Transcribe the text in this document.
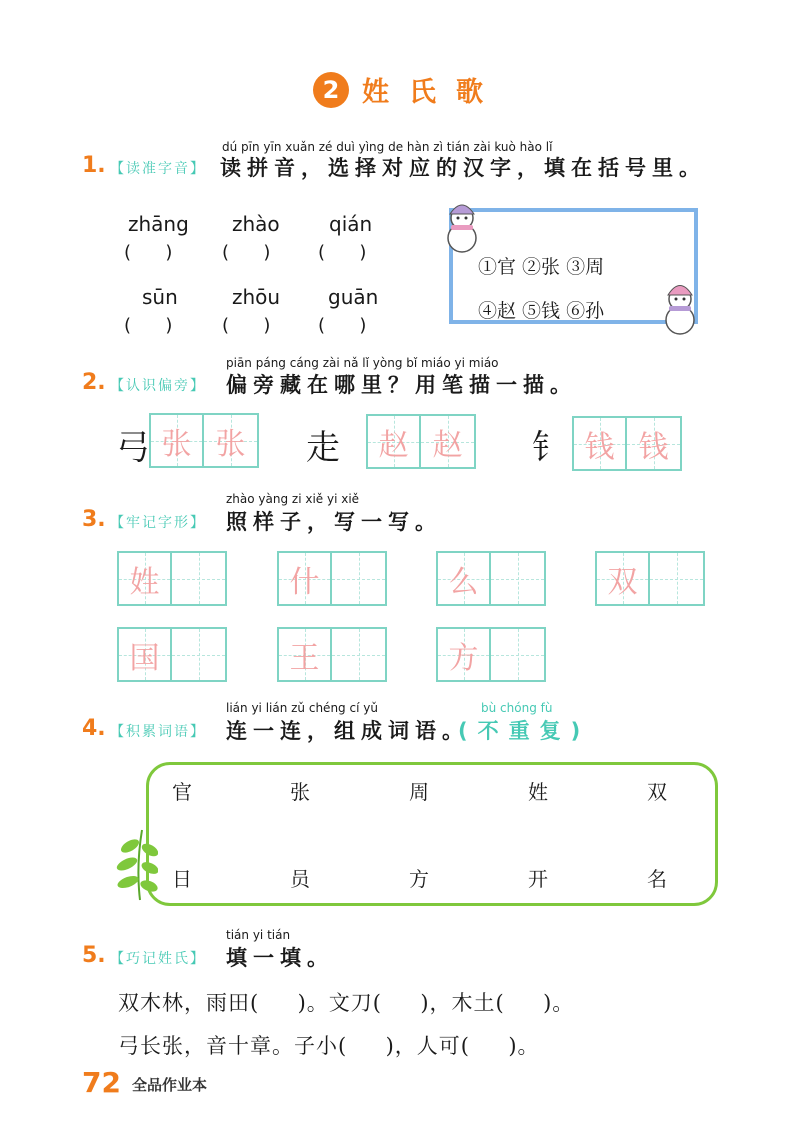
2 姓氏歌
dú pīn yīn xuǎn zé duì yìng de hàn zì tián zài kuò hào lǐ
1. 【读准字音】 读拼音，选择对应的汉字，填在括号里。
zhāng zhào qián
(      )	(      )	(      )
sūn	zhōu guān
(      )	(      )	(      )
①官 ②张 ③周
④赵 ⑤钱 ⑥孙
piān páng cáng zài nǎ lǐ yòng bǐ miáo yi miáo
2. 【认识偏旁】 偏旁藏在哪里？用笔描一描。
弓 张 张 走 赵 赵 钅 钱 钱
zhào yàng zi xiě yi xiě
3. 【牢记字形】 照样子，写一写。
姓	什	么	双
国	王	方
lián yi lián zǔ chéng cí yǔ	bù chóng fù
4. 【积累词语】 连一连，组成词语。
(不重复)
官	张	周	姓	双
日	员	方	开	名
tián yi tián
5. 【巧记姓氏】 填一填。
双木林，雨田(     )。文刀(     )，木土(     )。
弓长张，音十章。子小(     )，人可(     )。
72 全品作业本
